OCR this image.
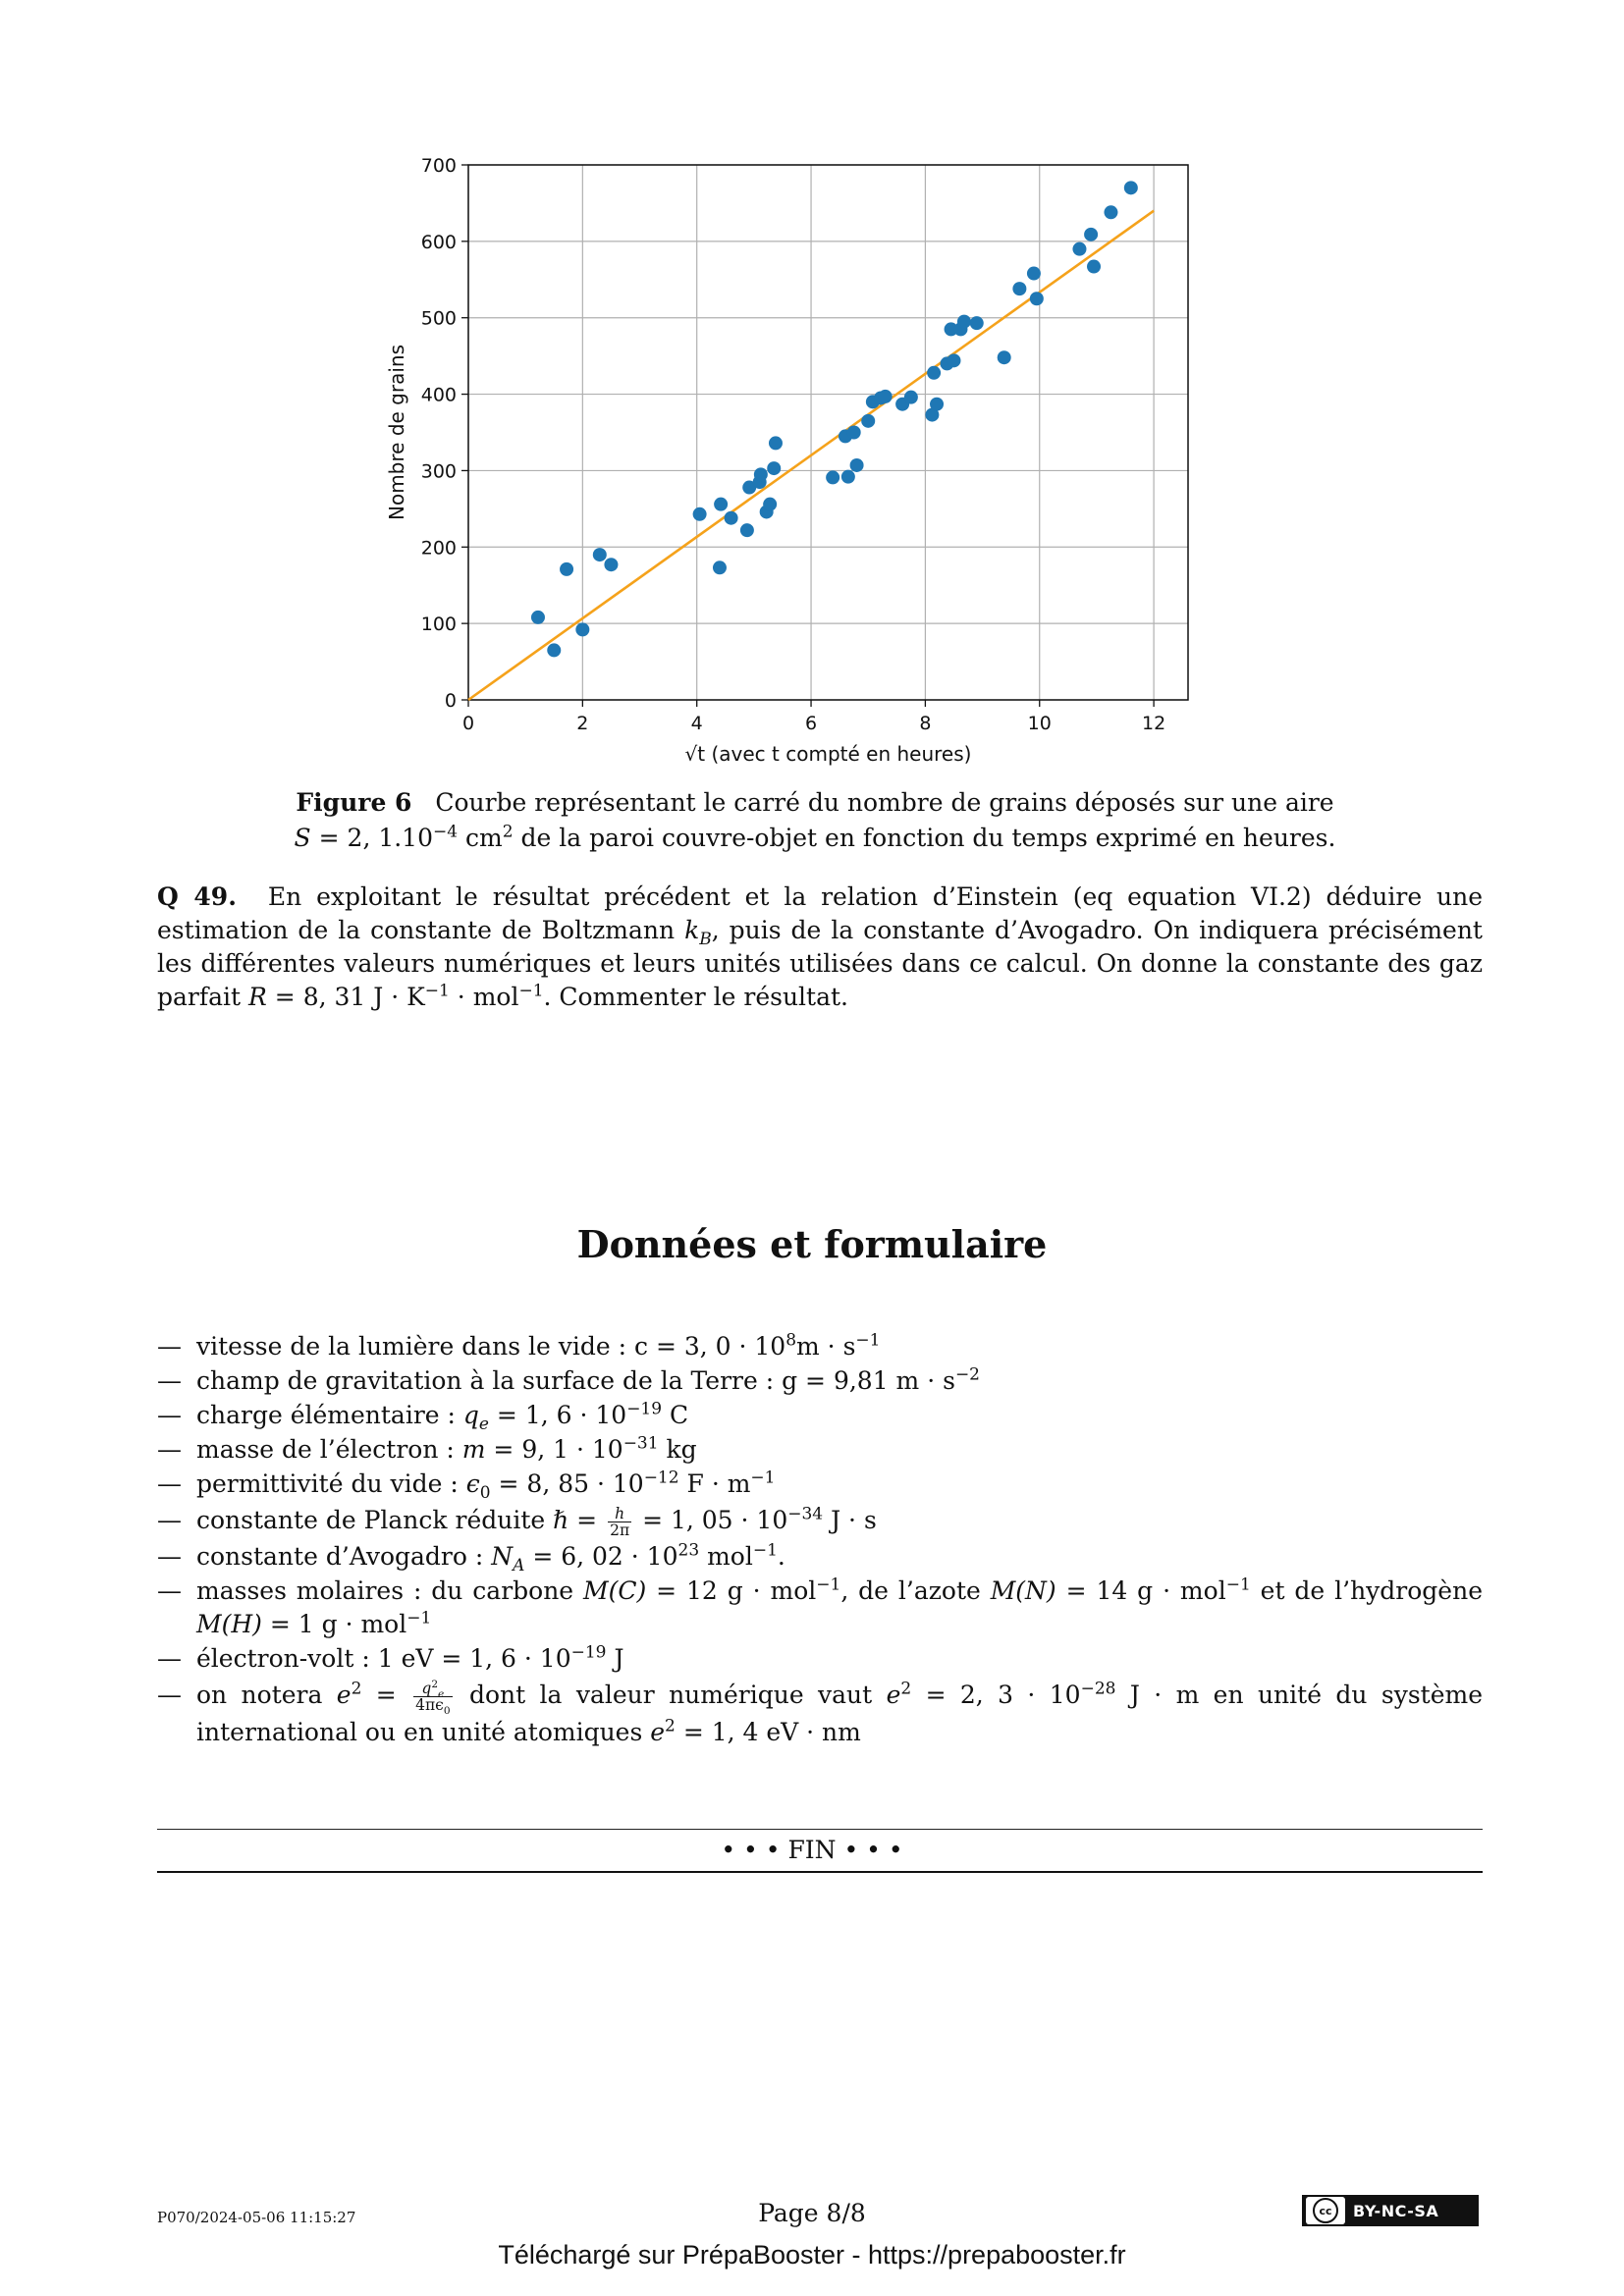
0	2	4	6	8	10	12
0
100
200
300
400
500
600
700
√t (avec t compté en heures)
Nombre de grains
Figure 6 Courbe représentant le carré du nombre de grains déposés sur une aire
S = 2, $1.10^{-4}$ $cm^2$ de la paroi couvre-objet en fonction du temps exprimé en heures.
Q 49. En exploitant le résultat précédent et la relation d’Einstein (eq equation VI.2) déduire une estimation de la constante de Boltzmann $k_B$, puis de la constante d’Avogadro. On indiquera précisément les différentes valeurs numériques et leurs unités utilisées dans ce calcul. On donne la constante des gaz parfait R = 8, 31 $J \cdot K^{-1} \cdot mol^{-1}$. Commenter le résultat.
Données et formulaire
— vitesse de la lumière dans le vide : c = 3, $0 \cdot 10^8m \cdot s^{-1}$
— champ de gravitation à la surface de la Terre : g = 9,81 $m \cdot s^{-2}$
— charge élémentaire : $q_e = 1$, $6 \cdot 10^{-19}$ C
— masse de l’électron : m = 9, $1 \cdot 10^{-31}$ kg
— permittivité du vide : $\epsilon_0 = 8$, $85 \cdot 10^{-12}$ $F \cdot m^{-1}$
— constante de Planck réduite ℏ = $\frac{h}{2\pi} = 1$, $05 \cdot 10^{-34}$ J · s
— constante d’Avogadro : $N_A = 6$, $02 \cdot 10^{23}$ mol$^{-1}$.
— masses molaires : du carbone M(C) = 12 g · mol$^{-1}$, de l’azote M(N) = 14 g · mol$^{-1}$ et de l’hydrogène M(H) = 1 g · mol$^{-1}$
— électron-volt : 1 eV = 1, $6 \cdot 10^{-19}$ J
— on notera $e^2 = \frac{q^2_e}{4\pi\epsilon_0}$ dont la valeur numérique vaut $e^2 = 2$, $3 \cdot 10^{-28}$ J · m en unité du système international ou en unité atomiques $e^2 = 1$, 4 eV · nm
• • • FIN • • •
P070/2024-05-06 11:15:27	Page 8/8	cc	BY-NC-SA
Téléchargé sur PrépaBooster - https://prepabooster.fr
